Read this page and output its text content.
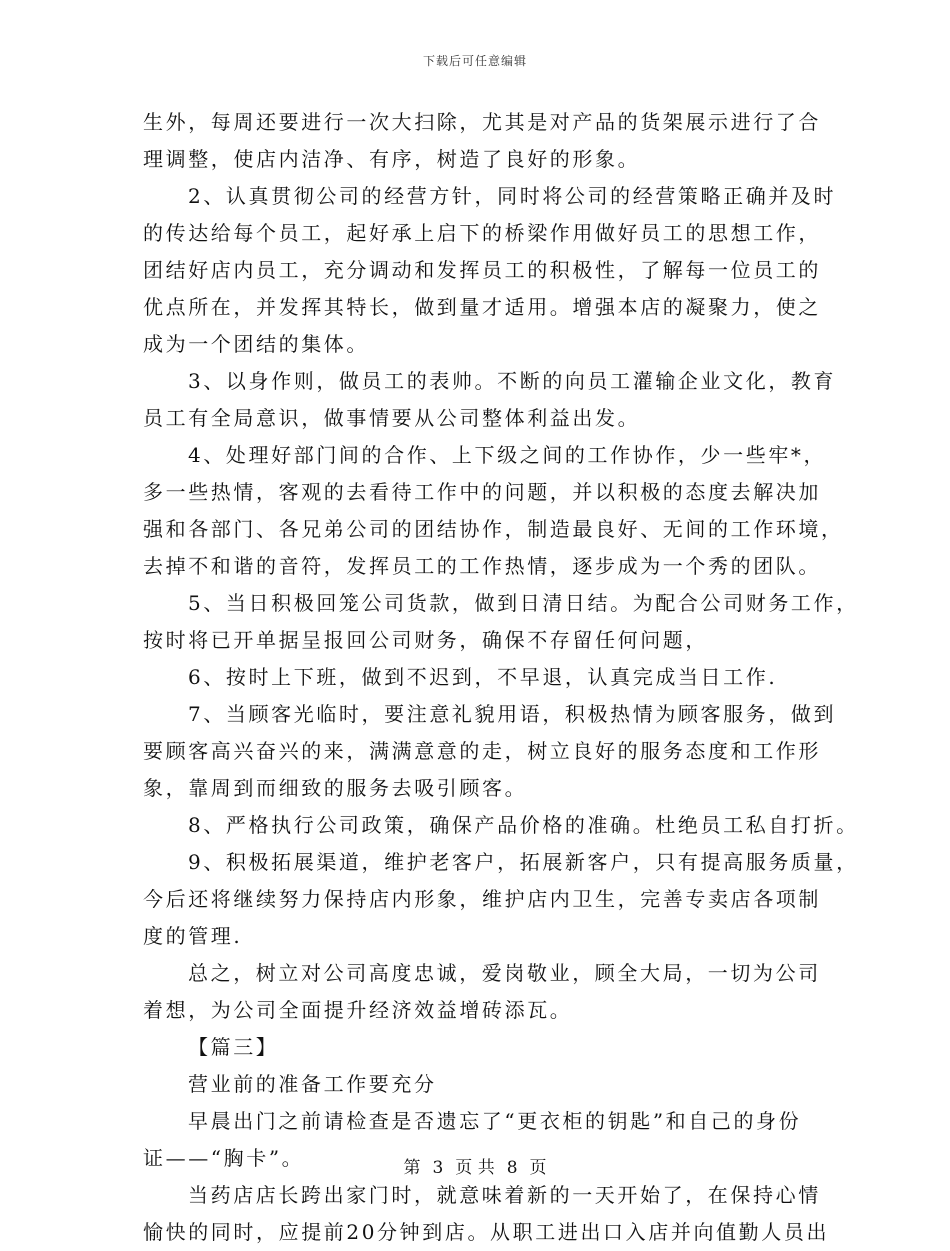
下载后可任意编辑
生外，每周还要进行一次大扫除，尤其是对产品的货架展示进行了合
理调整，使店内洁净、有序，树造了良好的形象。
2、认真贯彻公司的经营方针，同时将公司的经营策略正确并及时
的传达给每个员工，起好承上启下的桥梁作用做好员工的思想工作，
团结好店内员工，充分调动和发挥员工的积极性，了解每一位员工的
优点所在，并发挥其特长，做到量才适用。增强本店的凝聚力，使之
成为一个团结的集体。
3、以身作则，做员工的表帅。不断的向员工灌输企业文化，教育
员工有全局意识，做事情要从公司整体利益出发。
4、处理好部门间的合作、上下级之间的工作协作，少一些牢*，
多一些热情，客观的去看待工作中的问题，并以积极的态度去解决加
强和各部门、各兄弟公司的团结协作，制造最良好、无间的工作环境，
去掉不和谐的音符，发挥员工的工作热情，逐步成为一个秀的团队。
5、当日积极回笼公司货款，做到日清日结。为配合公司财务工作，
按时将已开单据呈报回公司财务，确保不存留任何问题，
6、按时上下班，做到不迟到，不早退，认真完成当日工作.
7、当顾客光临时，要注意礼貌用语，积极热情为顾客服务，做到
要顾客高兴奋兴的来，满满意意的走，树立良好的服务态度和工作形
象，靠周到而细致的服务去吸引顾客。
8、严格执行公司政策，确保产品价格的准确。杜绝员工私自打折。
9、积极拓展渠道，维护老客户，拓展新客户，只有提高服务质量，
今后还将继续努力保持店内形象，维护店内卫生，完善专卖店各项制
度的管理.
总之，树立对公司高度忠诚，爱岗敬业，顾全大局，一切为公司
着想，为公司全面提升经济效益增砖添瓦。
【篇三】
营业前的准备工作要充分
早晨出门之前请检查是否遗忘了“更衣柜的钥匙”和自己的身份
证——“胸卡”。
当药店店长跨出家门时，就意味着新的一天开始了，在保持心情
愉快的同时，应提前20分钟到店。从职工进出口入店并向值勤人员出
第 3 页 共 8 页
